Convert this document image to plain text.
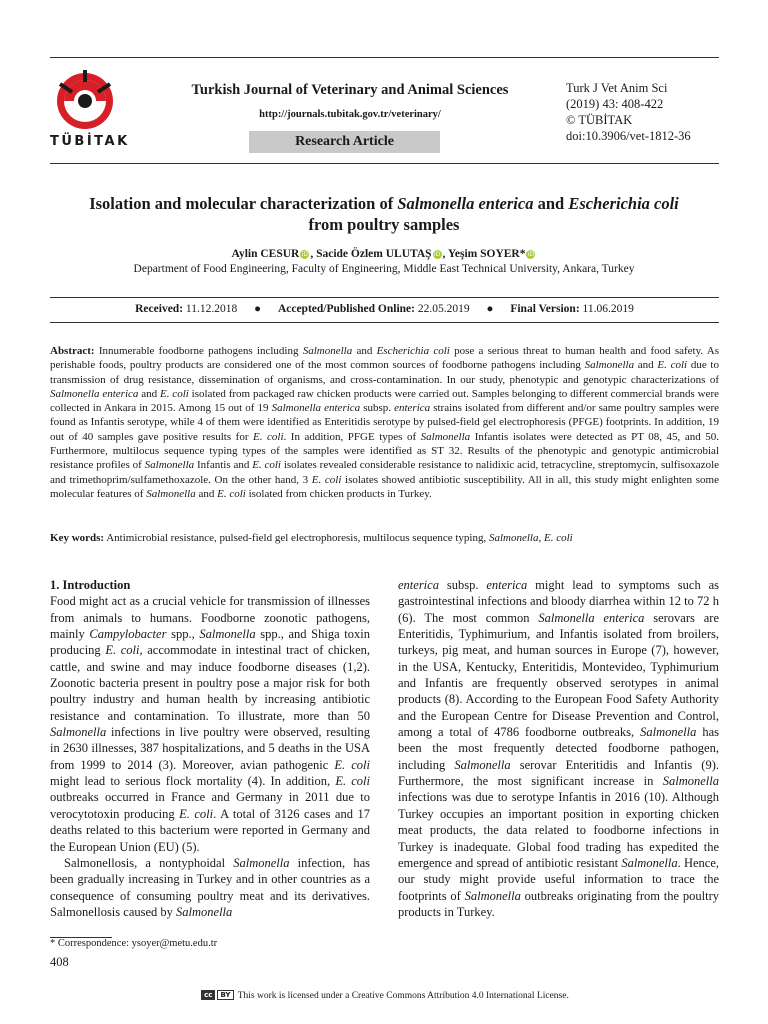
TÜBİTAK
Turkish Journal of Veterinary and Animal Sciences
http://journals.tubitak.gov.tr/veterinary/
Research Article
Turk J Vet Anim Sci
(2019) 43: 408-422
© TÜBİTAK
doi:10.3906/vet-1812-36
Isolation and molecular characterization of Salmonella enterica and Escherichia coli
from poultry samples
Aylin CESUR iD , Sacide Özlem ULUTAŞ iD , Yeşim SOYER* iD
Department of Food Engineering, Faculty of Engineering, Middle East Technical University, Ankara, Turkey
Received: 11.12.2018 ● Accepted/Published Online: 22.05.2019 ● Final Version: 11.06.2019
Abstract: Innumerable foodborne pathogens including Salmonella and Escherichia coli pose a serious threat to human health and food safety. As perishable foods, poultry products are considered one of the most common sources of foodborne pathogens including Salmonella and E. coli due to transmission of drug resistance, dissemination of organisms, and cross-contamination. In our study, phenotypic and genotypic characterizations of Salmonella enterica and E. coli isolated from packaged raw chicken products were carried out. Samples belonging to different commercial brands were collected in Ankara in 2015. Among 15 out of 19 Salmonella enterica subsp. enterica strains isolated from different and/or same poultry samples were found as Infantis serotype, while 4 of them were identified as Enteritidis serotype by pulsed-field gel electrophoresis (PFGE) footprints. In addition, 19 out of 40 samples gave positive results for E. coli. In addition, PFGE types of Salmonella Infantis isolates were detected as PT 08, 45, and 50. Furthermore, multilocus sequence typing types of the samples were identified as ST 32. Results of the phenotypic and genotypic antimicrobial resistance profiles of Salmonella Infantis and E. coli isolates revealed considerable resistance to nalidixic acid, tetracycline, streptomycin, sulfisoxazole and trimethoprim/sulfamethoxazole. On the other hand, 3 E. coli isolates showed antibiotic susceptibility. All in all, this study might enlighten some molecular features of Salmonella and E. coli isolated from chicken products in Turkey.
Key words: Antimicrobial resistance, pulsed-field gel electrophoresis, multilocus sequence typing, Salmonella, E. coli

1. Introduction

Food might act as a crucial vehicle for transmission of illnesses from animals to humans. Foodborne zoonotic pathogens, mainly Campylobacter spp., Salmonella spp., and Shiga toxin producing E. coli, accommodate in intestinal tract of chicken, cattle, and swine and may induce foodborne diseases (1,2). Zoonotic bacteria present in poultry pose a major risk for both poultry industry and human health by increasing antibiotic resistance and contamination. To illustrate, more than 50 Salmonella infections in live poultry were observed, resulting in 2630 illnesses, 387 hospitalizations, and 5 deaths in the USA from 1999 to 2014 (3). Moreover, avian pathogenic E. coli might lead to serious flock mortality (4). In addition, E. coli outbreaks occurred in France and Germany in 2011 due to verocytotoxin producing E. coli. A total of 3126 cases and 17 deaths related to this bacterium were reported in Germany and the European Union (EU) (5).

Salmonellosis, a nontyphoidal Salmonella infection, has been gradually increasing in Turkey and in other countries as a consequence of consuming poultry meat and its derivatives. Salmonellosis caused by Salmonella

enterica subsp. enterica might lead to symptoms such as gastrointestinal infections and bloody diarrhea within 12 to 72 h (6). The most common Salmonella enterica serovars are Enteritidis, Typhimurium, and Infantis isolated from broilers, turkeys, pig meat, and human sources in Europe (7), however, in the USA, Kentucky, Enteritidis, Montevideo, Typhimurium and Infantis are frequently observed serotypes in animal products (8). According to the European Food Safety Authority and the European Centre for Disease Prevention and Control, among a total of 4786 foodborne outbreaks, Salmonella has been the most frequently detected foodborne pathogen, including Salmonella serovar Enteritidis and Infantis (9). Furthermore, the most significant increase in Salmonella infections was due to serotype Infantis in 2016 (10). Although Turkey occupies an important position in exporting chicken meat products, the data related to foodborne infections in Turkey is inadequate. Global food trading has expedited the emergence and spread of antibiotic resistant Salmonella. Hence, our study might provide useful information to trace the footprints of Salmonella outbreaks originating from the poultry products in Turkey.

* Correspondence: ysoyer@metu.edu.tr
408
cc BY This work is licensed under a Creative Commons Attribution 4.0 International License.
